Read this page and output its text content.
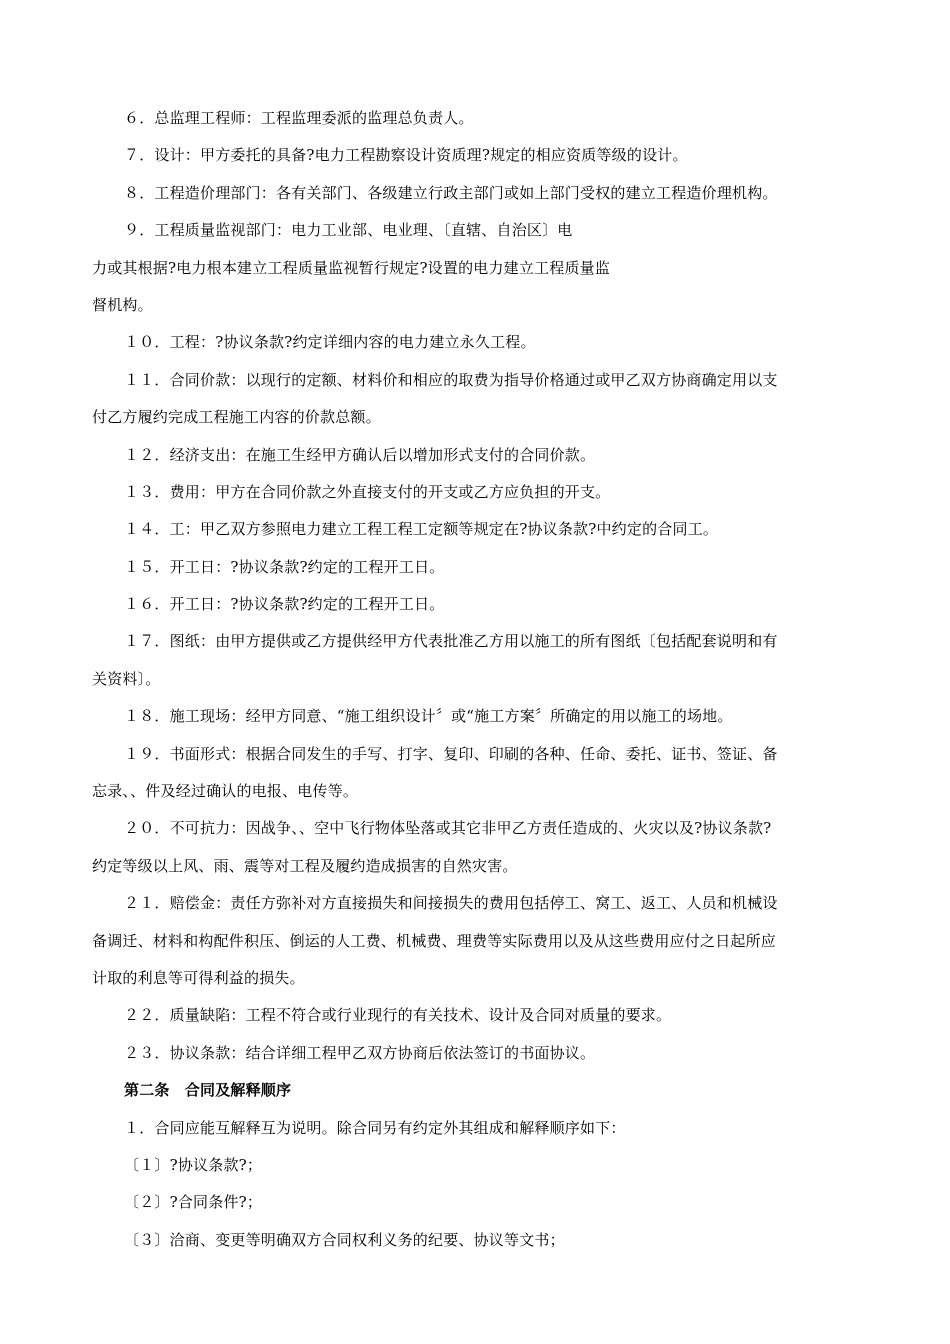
６．总监理工程师：工程监理委派的监理总负责人。
７．设计：甲方委托的具备?电力工程勘察设计资质理?规定的相应资质等级的设计。
８．工程造价理部门：各有关部门、各级建立行政主部门或如上部门受权的建立工程造价理机构。
９．工程质量监视部门：电力工业部、电业理、〔直辖、自治区〕电
力或其根据?电力根本建立工程质量监视暂行规定?设置的电力建立工程质量监
督机构。
１０．工程：?协议条款?约定详细内容的电力建立永久工程。
１１．合同价款：以现行的定额、材料价和相应的取费为指导价格通过或甲乙双方协商确定用以支
付乙方履约完成工程施工内容的价款总额。
１２．经济支出：在施工生经甲方确认后以增加形式支付的合同价款。
１３．费用：甲方在合同价款之外直接支付的开支或乙方应负担的开支。
１４．工：甲乙双方参照电力建立工程工程工定额等规定在?协议条款?中约定的合同工。
１５．开工日：?协议条款?约定的工程开工日。
１６．开工日：?协议条款?约定的工程开工日。
１７．图纸：由甲方提供或乙方提供经甲方代表批准乙方用以施工的所有图纸〔包括配套说明和有
关资料〕。
１８．施工现场：经甲方同意、“施工组织设计〞或“施工方案〞所确定的用以施工的场地。
１９．书面形式：根据合同发生的手写、打字、复印、印刷的各种、任命、委托、证书、签证、备
忘录、、件及经过确认的电报、电传等。
２０．不可抗力：因战争、、空中飞行物体坠落或其它非甲乙方责任造成的、火灾以及?协议条款?
约定等级以上风、雨、震等对工程及履约造成损害的自然灾害。
２１．赔偿金：责任方弥补对方直接损失和间接损失的费用包括停工、窝工、返工、人员和机械设
备调迁、材料和构配件积压、倒运的人工费、机械费、理费等实际费用以及从这些费用应付之日起所应
计取的利息等可得利益的损失。
２２．质量缺陷：工程不符合或行业现行的有关技术、设计及合同对质量的要求。
２３．协议条款：结合详细工程甲乙双方协商后依法签订的书面协议。
第二条　合同及解释顺序
１．合同应能互解释互为说明。除合同另有约定外其组成和解释顺序如下：
〔１〕?协议条款?；
〔２〕?合同条件?；
〔３〕洽商、变更等明确双方合同权利义务的纪要、协议等文书；
